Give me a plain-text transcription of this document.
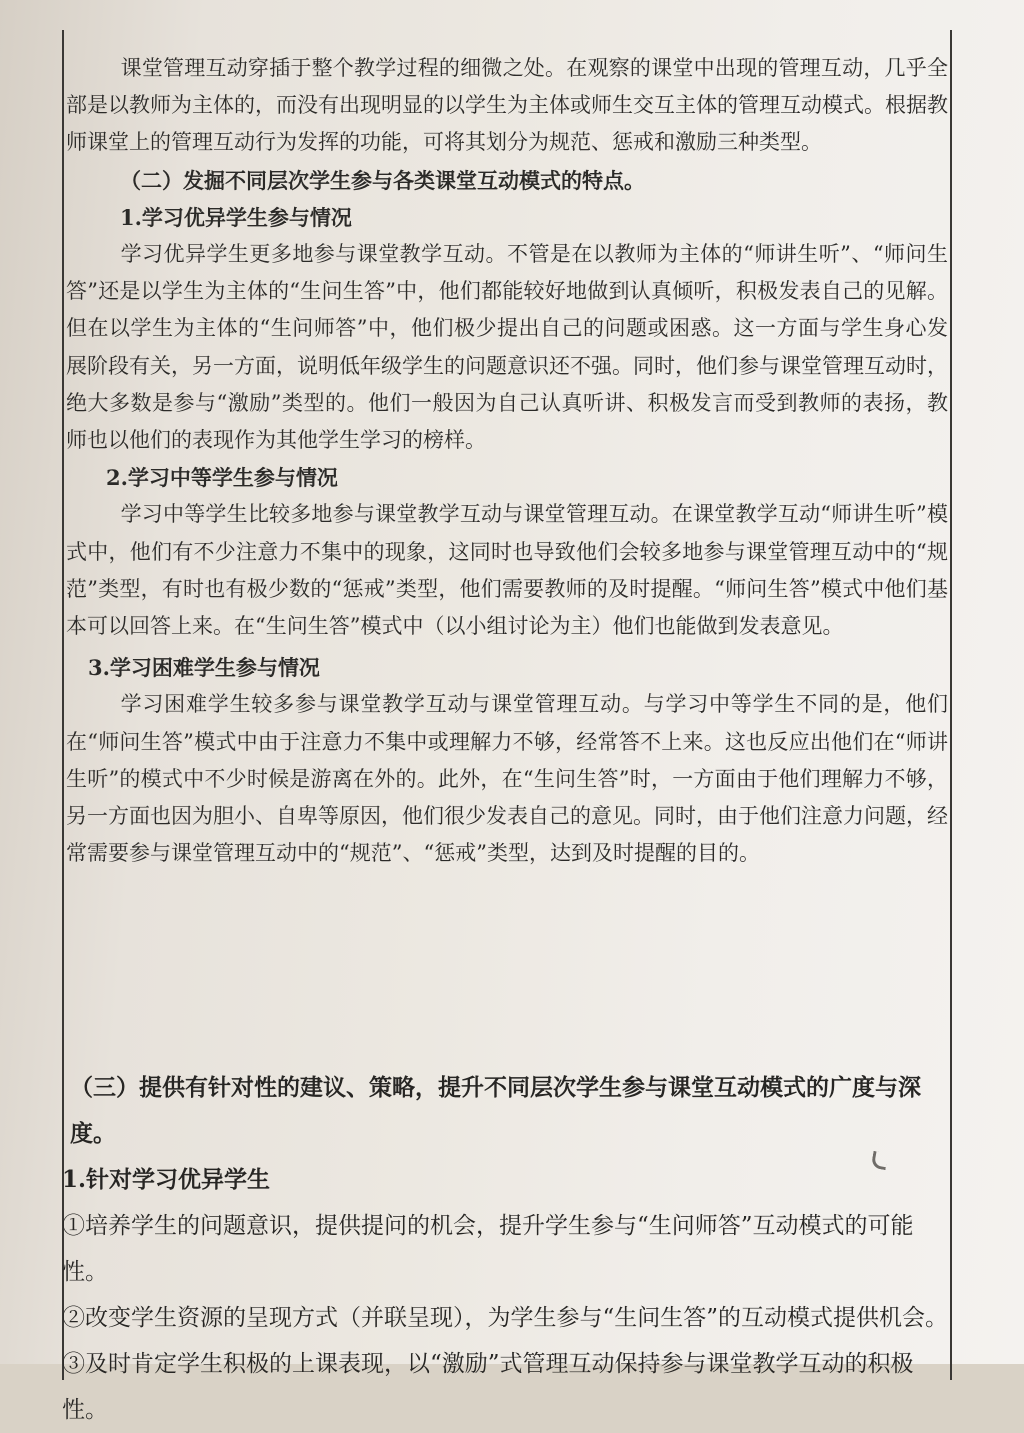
课堂管理互动穿插于整个教学过程的细微之处。在观察的课堂中出现的管理互动，几乎全部是以教师为主体的，而没有出现明显的以学生为主体或师生交互主体的管理互动模式。根据教师课堂上的管理互动行为发挥的功能，可将其划分为规范、惩戒和激励三种类型。

（二）发掘不同层次学生参与各类课堂互动模式的特点。

1.学习优异学生参与情况

学习优异学生更多地参与课堂教学互动。不管是在以教师为主体的“师讲生听”、“师问生答”还是以学生为主体的“生问生答”中，他们都能较好地做到认真倾听，积极发表自己的见解。但在以学生为主体的“生问师答”中，他们极少提出自己的问题或困惑。这一方面与学生身心发展阶段有关，另一方面，说明低年级学生的问题意识还不强。同时，他们参与课堂管理互动时，绝大多数是参与“激励”类型的。他们一般因为自己认真听讲、积极发言而受到教师的表扬，教师也以他们的表现作为其他学生学习的榜样。

2.学习中等学生参与情况

学习中等学生比较多地参与课堂教学互动与课堂管理互动。在课堂教学互动“师讲生听”模式中，他们有不少注意力不集中的现象，这同时也导致他们会较多地参与课堂管理互动中的“规范”类型，有时也有极少数的“惩戒”类型，他们需要教师的及时提醒。“师问生答”模式中他们基本可以回答上来。在“生问生答”模式中（以小组讨论为主）他们也能做到发表意见。

3.学习困难学生参与情况

学习困难学生较多参与课堂教学互动与课堂管理互动。与学习中等学生不同的是，他们在“师问生答”模式中由于注意力不集中或理解力不够，经常答不上来。这也反应出他们在“师讲生听”的模式中不少时候是游离在外的。此外，在“生问生答”时，一方面由于他们理解力不够，另一方面也因为胆小、自卑等原因，他们很少发表自己的意见。同时，由于他们注意力问题，经常需要参与课堂管理互动中的“规范”、“惩戒”类型，达到及时提醒的目的。

（三）提供有针对性的建议、策略，提升不同层次学生参与课堂互动模式的广度与深度。

1.针对学习优异学生

①培养学生的问题意识，提供提问的机会，提升学生参与“生问师答”互动模式的可能性。

②改变学生资源的呈现方式（并联呈现），为学生参与“生问生答”的互动模式提供机会。

③及时肯定学生积极的上课表现，以“激励”式管理互动保持参与课堂教学互动的积极性。
